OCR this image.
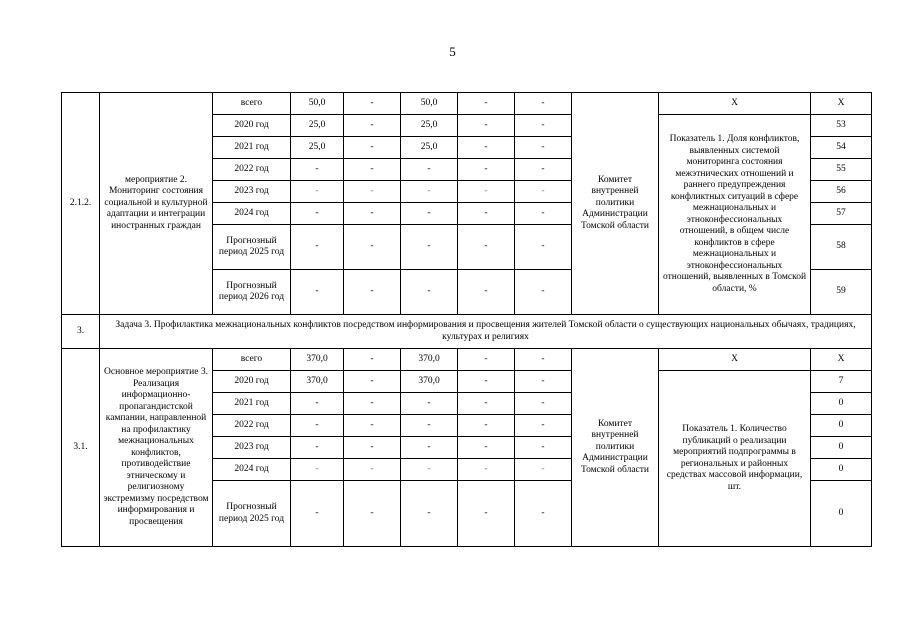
5
2.1.2.	мероприятие 2. Мониторинг состояния социальной и культурной адаптации и интеграции иностранных граждан	всего	50,0	-	50,0	-	-	Комитет внутренней политики Администрации Томской области	X	X
		2020 год	25,0	-	25,0	-	-		Показатель 1. Доля конфликтов, выявленных системой мониторинга состояния межэтнических отношений и раннего предупреждения конфликтных ситуаций в сфере межнациональных и этноконфессиональных отношений, в общем числе конфликтов в сфере межнациональных и этноконфессиональных отношений, выявленных в Томской области, %	53
		2021 год	25,0	-	25,0	-	-			54
		2022 год	-	-	-	-	-			55
		2023 год	-	-	-	-	-			56
		2024 год	-	-	-	-	-			57
		Прогнозный период 2025 год	-	-	-	-	-			58
		Прогнозный период 2026 год	-	-	-	-	-			59
3.	Задача 3. Профилактика межнациональных конфликтов посредством информирования и просвещения жителей Томской области о существующих национальных обычаях, традициях, культурах и религиях									
3.1.	Основное мероприятие 3. Реализация информационно-пропагандистской кампании, направленной на профилактику межнациональных конфликтов, противодействие этническому и религиозному экстремизму посредством информирования и просвещения	всего	370,0	-	370,0	-	-	Комитет внутренней политики Администрации Томской области	X	X
		2020 год	370,0	-	370,0	-	-		Показатель 1. Количество публикаций о реализации мероприятий подпрограммы в региональных и районных средствах массовой информации, шт.	7
		2021 год	-	-	-	-	-			0
		2022 год	-	-	-	-	-			0
		2023 год	-	-	-	-	-			0
		2024 год	-	-	-	-	-			0
		Прогнозный период 2025 год	-	-	-	-	-			0
